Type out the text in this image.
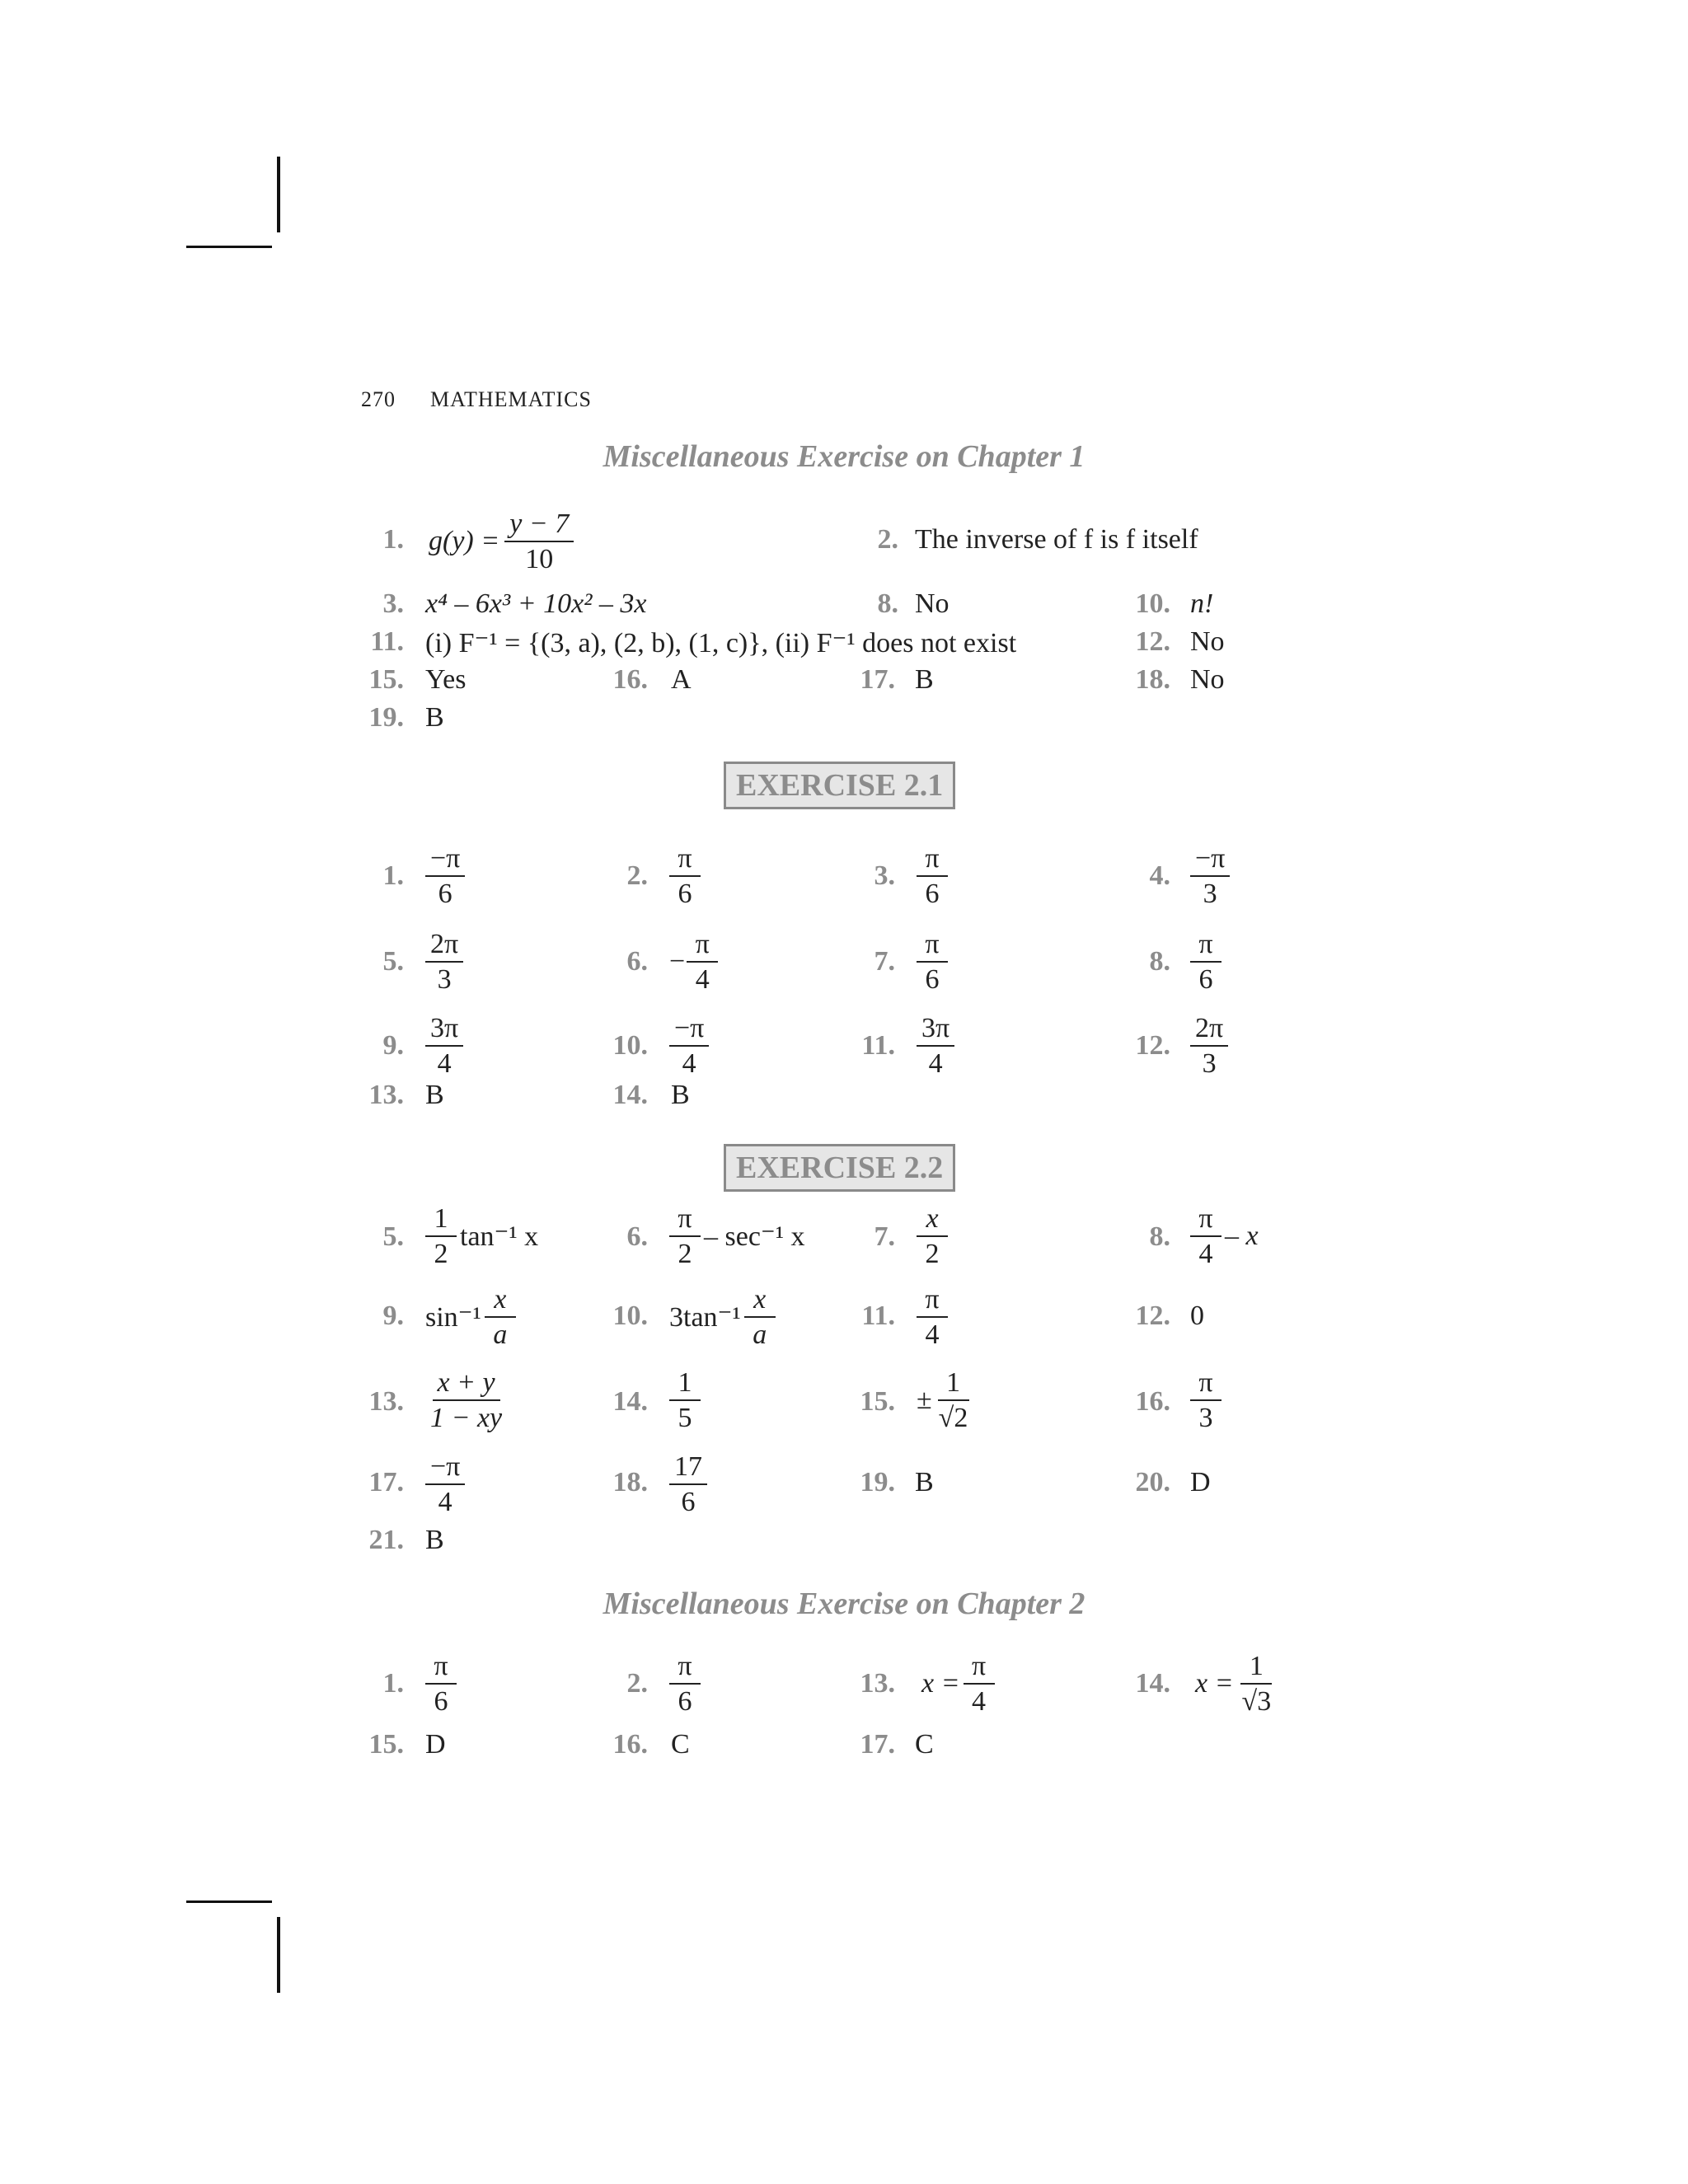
270 MATHEMATICS
Miscellaneous Exercise on Chapter 1
1. $g(y) = \frac{y - 7}{10}$	2. The inverse of f is f itself
3. x⁴ – 6x³ + 10x² – 3x	8. No	10. n!
11. (i) F⁻¹ = {(3, a), (2, b), (1, c)}, (ii) F⁻¹ does not exist	12. No
15. Yes	16. A	17. B	18. No
19. B
EXERCISE 2.1
1. $\frac{-\pi}{6}$	2. $\frac{\pi}{6}$	3. $\frac{\pi}{6}$	4. $\frac{-\pi}{3}$
5. $\frac{2\pi}{3}$	6. − $\frac{\pi}{4}$	7. $\frac{\pi}{6}$	8. $\frac{\pi}{6}$
9. $\frac{3\pi}{4}$	10. $\frac{-\pi}{4}$	11. $\frac{3\pi}{4}$	12. $\frac{2\pi}{3}$
13. B	14. B
EXERCISE 2.2
5. $\frac{1}{2} \tan^{-1}$ x	6. $\frac{\pi}{2} - \sec^{-1}$ x	7. $\frac{x}{2}$	8. $\frac{\pi}{4}$ – x
9. $\sin^{-1} \frac{x}{a}$	10. $3\tan^{-1} \frac{x}{a}$	11. $\frac{\pi}{4}$	12. 0
13. $\frac{x + y}{1 - xy}$	14. $\frac{1}{5}$	15. ± $\frac{1}{√2}$	16. $\frac{\pi}{3}$
17. $\frac{-\pi}{4}$	18. $\frac{17}{6}$	19. B	20. D
21. B
Miscellaneous Exercise on Chapter 2
1. $\frac{\pi}{6}$	2. $\frac{\pi}{6}$	13. $x = \frac{\pi}{4}$	14. $x = \frac{1}{√3}$
15. D	16. C	17. C
